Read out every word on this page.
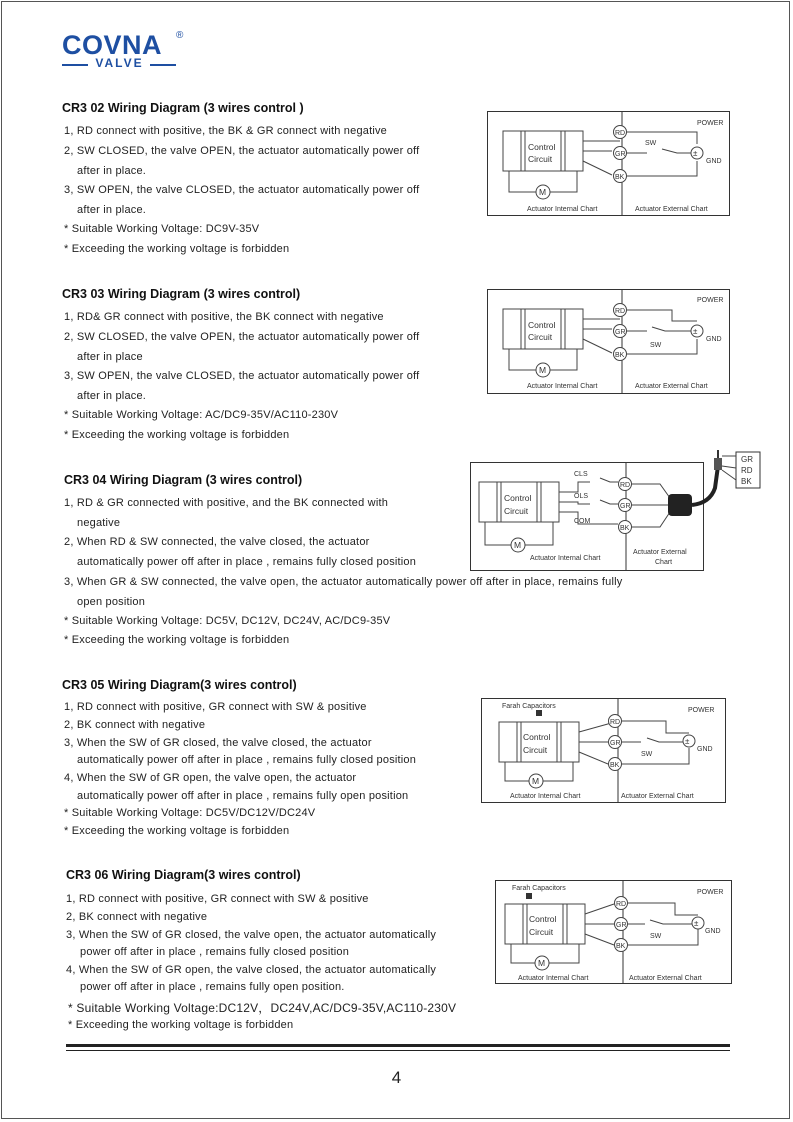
COVNA ®
VALVE
CR3 02 Wiring Diagram (3 wires control )
1, RD connect with positive, the BK & GR connect with negative
2, SW CLOSED, the valve OPEN, the actuator automatically power off
after in place.
3, SW OPEN, the valve CLOSED, the actuator automatically power off
after in place.
* Suitable Working Voltage: DC9V-35V
* Exceeding the working voltage is forbidden
Control
Circuit
RD
GR
BK
SW
±
POWER
GND
M
Actuator Internal Chart	Actuator External Chart
CR3 03 Wiring Diagram (3 wires control)
1, RD& GR connect with positive, the BK connect with negative
2, SW CLOSED, the valve OPEN, the actuator automatically power off
after in place
3, SW OPEN, the valve CLOSED, the actuator automatically power off
after in place.
* Suitable Working Voltage: AC/DC9-35V/AC110-230V
* Exceeding the working voltage is forbidden
Control
Circuit
RD
GR
BK
SW
±
POWER
GND
M
Actuator Internal Chart	Actuator External Chart
CR3 04 Wiring Diagram (3 wires control)
1, RD & GR connected with positive, and the BK connected with
negative
2, When RD & SW connected, the valve closed, the actuator
automatically power off after in place , remains fully closed position
3, When GR & SW connected, the valve open, the actuator automatically power off after in place, remains fully
open position
* Suitable Working Voltage: DC5V, DC12V, DC24V, AC/DC9-35V
* Exceeding the working voltage is forbidden
Control
Circuit
CLS
OLS
COM
RD
GR
BK
GR
RD
BK
M
Actuator Internal Chart
Actuator External
Chart
CR3 05 Wiring Diagram(3 wires control)
1, RD connect with positive, GR connect with SW & positive
2, BK connect with negative
3, When the SW of GR closed, the valve closed, the actuator
automatically power off after in place , remains fully closed position
4, When the SW of GR open, the valve open, the actuator
automatically power off after in place , remains fully open position
* Suitable Working Voltage: DC5V/DC12V/DC24V
* Exceeding the working voltage is forbidden
Farah Capacitors
Control
Circuit
RD
GR
BK
SW
±
POWER
GND
M
Actuator Internal Chart	Actuator External Chart
CR3 06 Wiring Diagram(3 wires control)
1, RD connect with positive, GR connect with SW & positive
2, BK connect with negative
3, When the SW of GR closed, the valve open, the actuator automatically
power off after in place , remains fully closed position
4, When the SW of GR open, the valve closed, the actuator automatically
power off after in place , remains fully open position.
* Suitable Working Voltage:DC12V，DC24V,AC/DC9-35V,AC110-230V
* Exceeding the working voltage is forbidden
Farah Capacitors
Control
Circuit
RD
GR
BK
SW
±
POWER
GND
M
Actuator Internal Chart	Actuator External Chart
4
